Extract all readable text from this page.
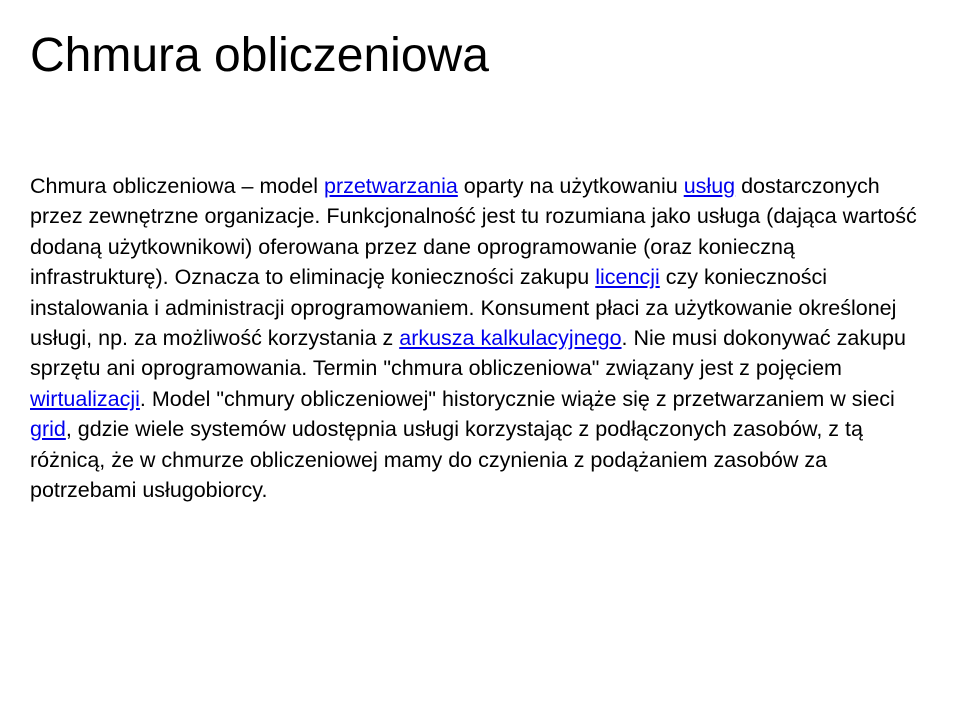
Chmura obliczeniowa

Chmura obliczeniowa – model przetwarzania oparty na użytkowaniu usług dostarczonych przez zewnętrzne organizacje. Funkcjonalność jest tu rozumiana jako usługa (dająca wartość dodaną użytkownikowi) oferowana przez dane oprogramowanie (oraz konieczną infrastrukturę). Oznacza to eliminację konieczności zakupu licencji czy konieczności instalowania i administracji oprogramowaniem. Konsument płaci za użytkowanie określonej usługi, np. za możliwość korzystania z arkusza kalkulacyjnego. Nie musi dokonywać zakupu sprzętu ani oprogramowania. Termin "chmura obliczeniowa" związany jest z pojęciem wirtualizacji. Model "chmury obliczeniowej" historycznie wiąże się z przetwarzaniem w sieci grid, gdzie wiele systemów udostępnia usługi korzystając z podłączonych zasobów, z tą różnicą, że w chmurze obliczeniowej mamy do czynienia z podążaniem zasobów za potrzebami usługobiorcy.
